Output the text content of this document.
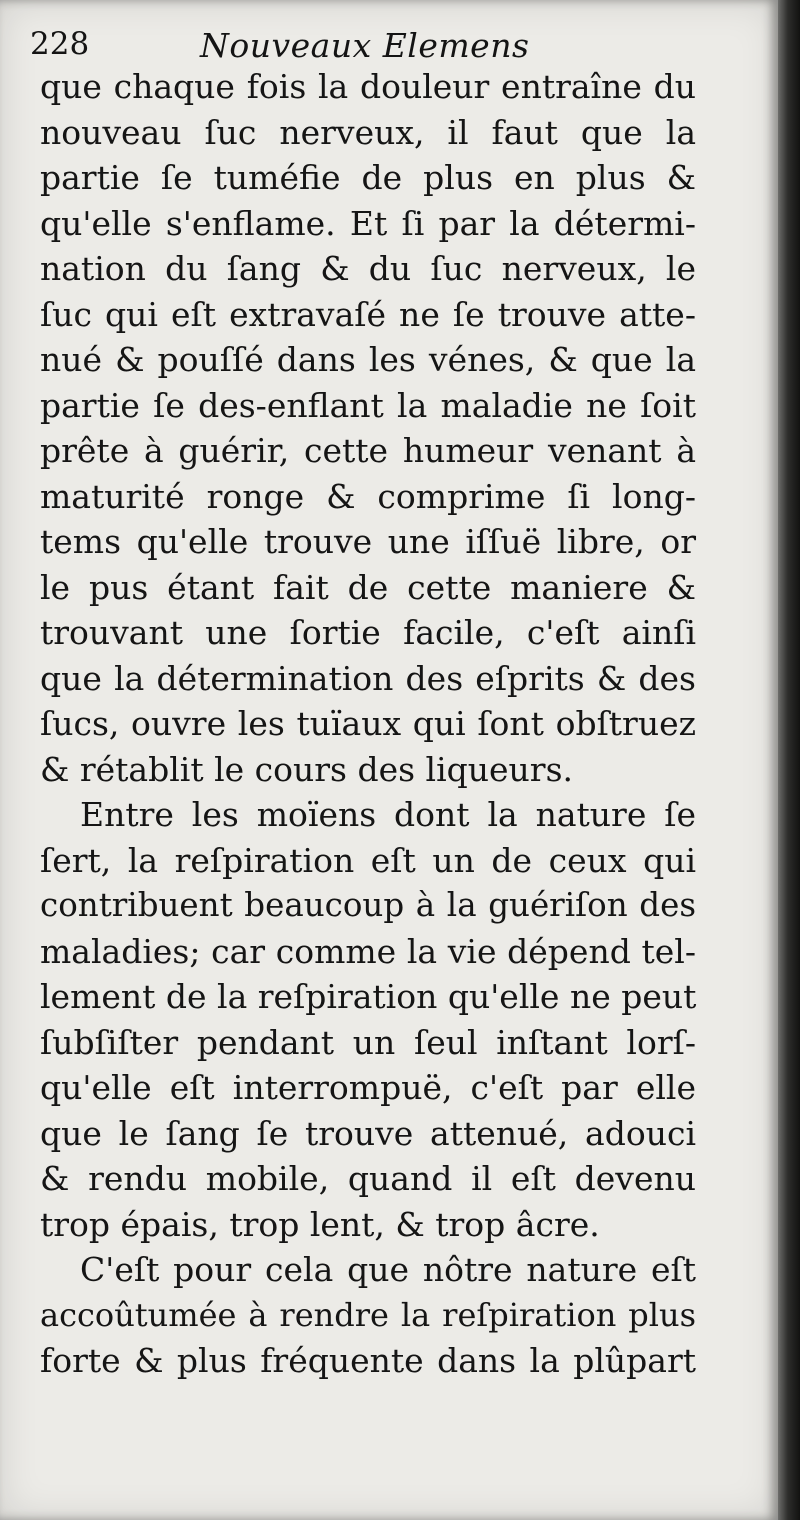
228	Nouveaux Elemens
que chaque fois la douleur entraîne du
nouveau ſuc nerveux, il faut que la
partie ſe tuméfie de plus en plus &
qu'elle s'enflame. Et ſi par la détermi-
nation du ſang & du ſuc nerveux, le
ſuc qui eſt extravaſé ne ſe trouve atte-
nué & pouſſé dans les vénes, & que la
partie ſe des-enflant la maladie ne ſoit
prête à guérir, cette humeur venant à
maturité ronge & comprime ſi long-
tems qu'elle trouve une iſſuë libre, or
le pus étant fait de cette maniere &
trouvant une ſortie facile, c'eſt ainſi
que la détermination des eſprits & des
ſucs, ouvre les tuïaux qui ſont obſtruez
& rétablit le cours des liqueurs.
Entre les moïens dont la nature ſe
ſert, la reſpiration eſt un de ceux qui
contribuent beaucoup à la guériſon des
maladies; car comme la vie dépend tel-
lement de la reſpiration qu'elle ne peut
ſubſiſter pendant un ſeul inſtant lorſ-
qu'elle eſt interrompuë, c'eſt par elle
que le ſang ſe trouve attenué, adouci
& rendu mobile, quand il eſt devenu
trop épais, trop lent, & trop âcre.
C'eſt pour cela que nôtre nature eſt
accoûtumée à rendre la reſpiration plus
forte & plus fréquente dans la plûpart
